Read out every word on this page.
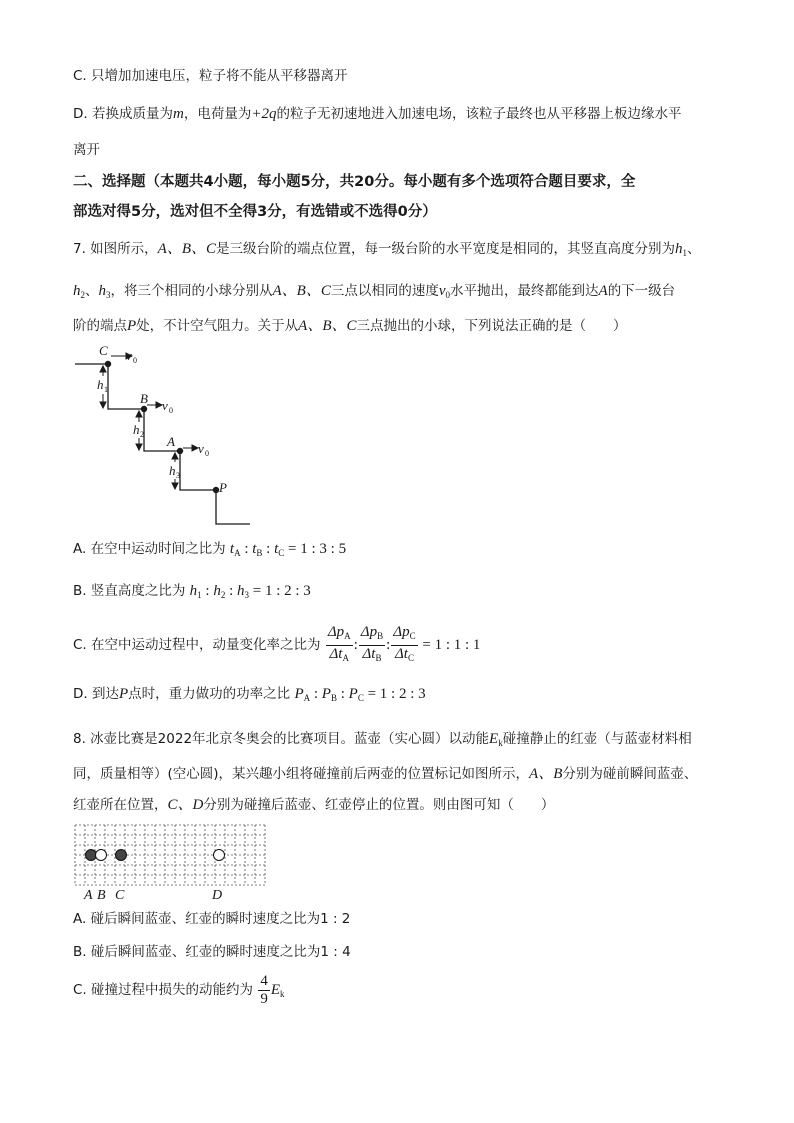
C. 只增加加速电压，粒子将不能从平移器离开
D. 若换成质量为m，电荷量为+2q的粒子无初速地进入加速电场，该粒子最终也从平移器上板边缘水平
离开
二、选择题（本题共4小题，每小题5分，共20分。每小题有多个选项符合题目要求，全
部选对得5分，选对但不全得3分，有选错或不选得0分）
7. 如图所示，A、B、C是三级台阶的端点位置，每一级台阶的水平宽度是相同的，其竖直高度分别为$h_1$、
$h_2$、$h_3$，将三个相同的小球分别从A、B、C三点以相同的速度$v_0$水平抛出，最终都能到达A的下一级台
阶的端点P处，不计空气阻力。关于从A、B、C三点抛出的小球，下列说法正确的是（　　）
C v
B v
A v
P
h
h
h
0
0
0
1
2
3
A. 在空中运动时间之比为 $t_A$ : $t_B$ : $t_C = 1$ : 3 : 5
B. 竖直高度之比为 $h_1$ : $h_2$ : $h_3 = 1$ : 2 : 3
C. 在空中运动过程中，动量变化率之比为 $\frac{\Delta p_A}{\Delta t_A}$ : $\frac{\Delta p_B}{\Delta t_B}$ : $\frac{\Delta p_C}{\Delta t_C} = 1$ : 1 : 1
D. 到达P点时，重力做功的功率之比 $P_A$ : $P_B$ : $P_C = 1$ : 2 : 3
8. 冰壶比赛是2022年北京冬奥会的比赛项目。蓝壶（实心圆）以动能$E_k$碰撞静止的红壶（与蓝壶材料相
同，质量相等）(空心圆)，某兴趣小组将碰撞前后两壶的位置标记如图所示，A、B分别为碰前瞬间蓝壶、
红壶所在位置，C、D分别为碰撞后蓝壶、红壶停止的位置。则由图可知（　　）
A B C	D
A. 碰后瞬间蓝壶、红壶的瞬时速度之比为1 : 2
B. 碰后瞬间蓝壶、红壶的瞬时速度之比为1 : 4
C. 碰撞过程中损失的动能约为 $\frac{4}{9} E_k$
